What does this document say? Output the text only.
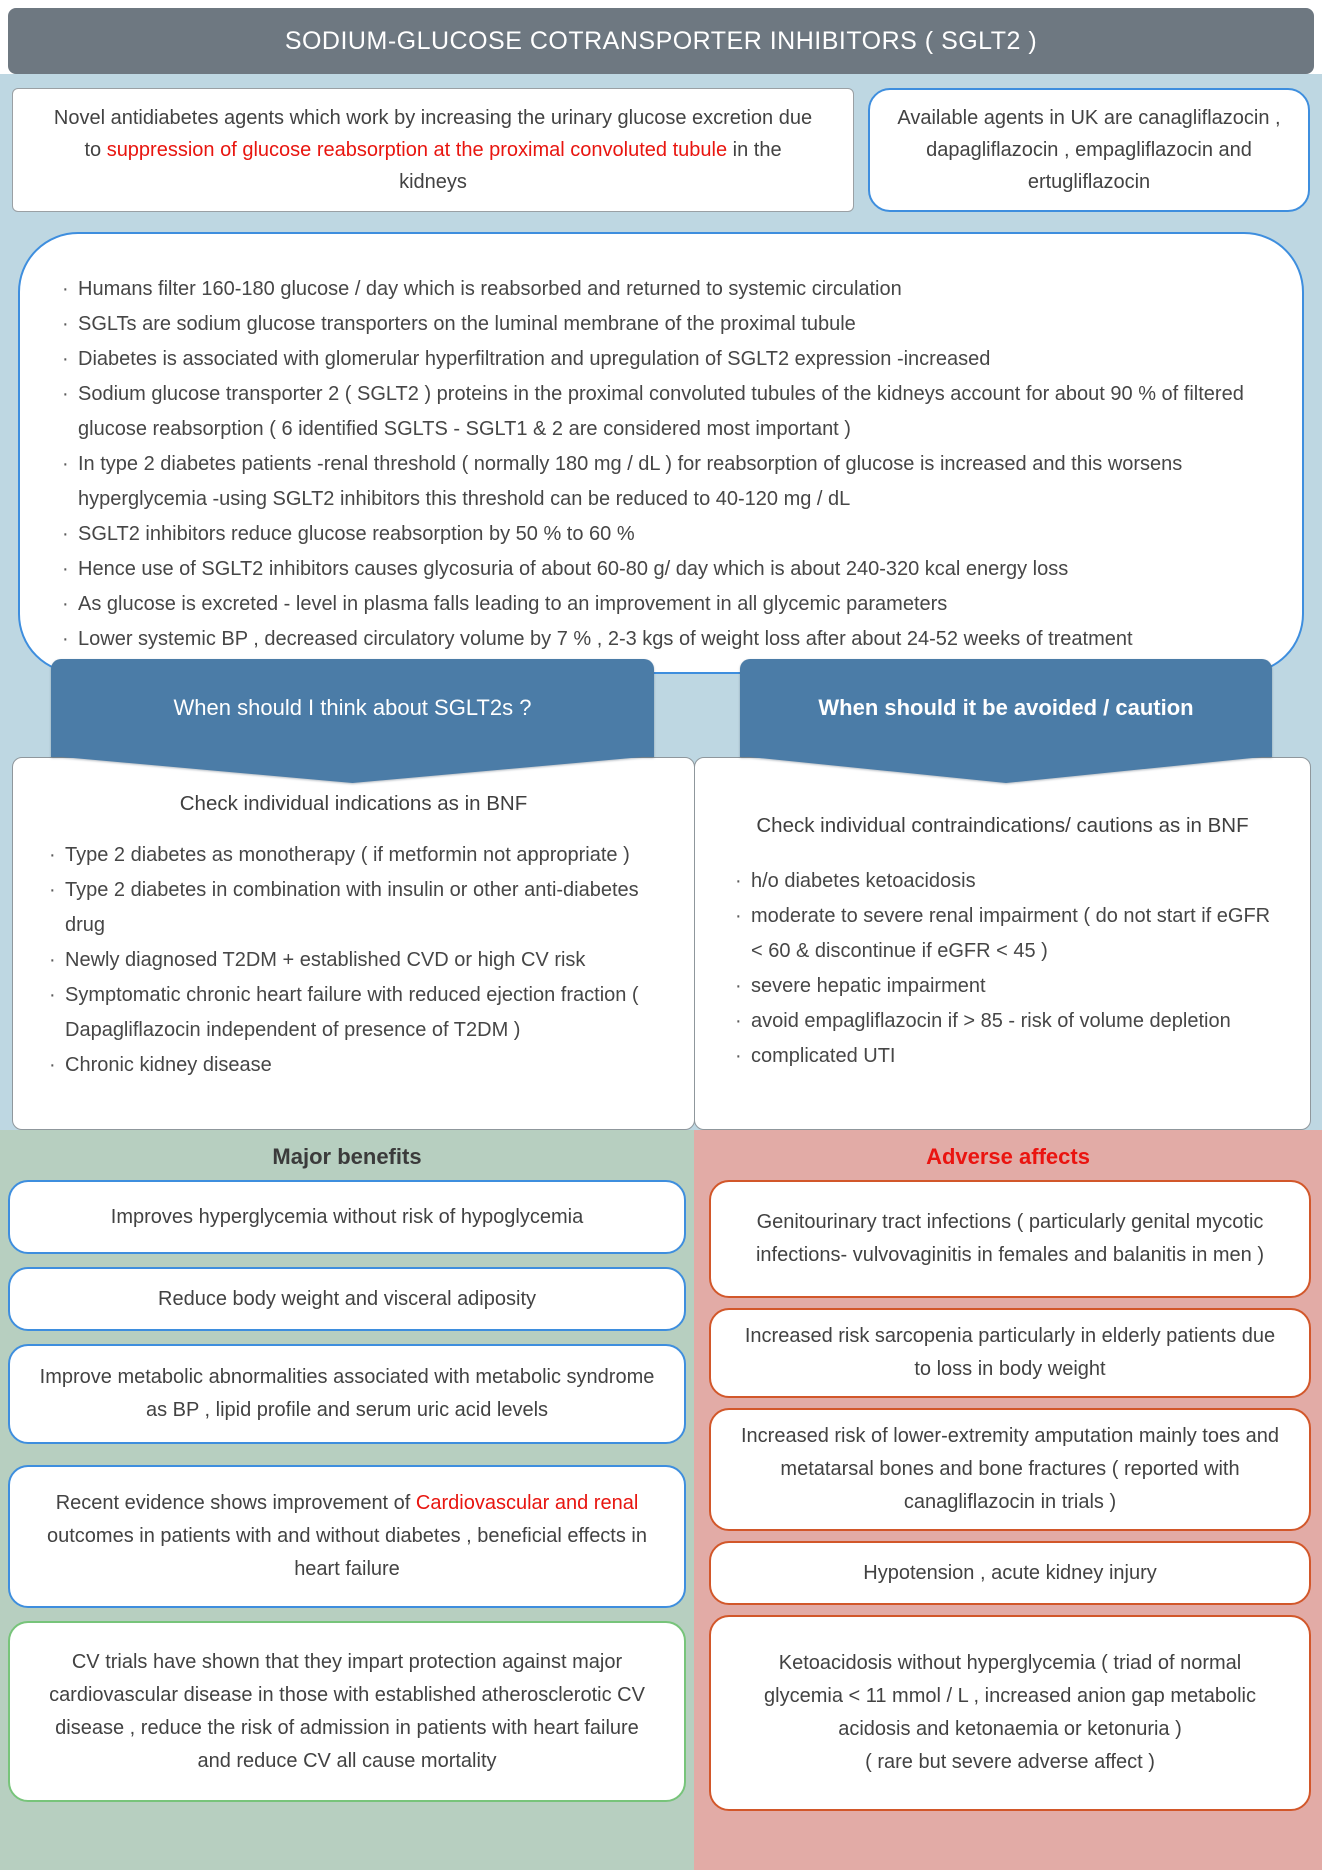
SODIUM-GLUCOSE COTRANSPORTER INHIBITORS ( SGLT2 )

Novel antidiabetes agents which work by increasing the urinary glucose excretion due to suppression of glucose reabsorption at the proximal convoluted tubule in the kidneys

Available agents in UK are canagliflazocin , dapagliflazocin , empagliflazocin and ertugliflazocin

· Humans filter 160-180 glucose / day which is reabsorbed and returned to systemic circulation
· SGLTs are sodium glucose transporters on the luminal membrane of the proximal tubule
· Diabetes is associated with glomerular hyperfiltration and upregulation of SGLT2 expression -increased
· Sodium glucose transporter 2 ( SGLT2 ) proteins in the proximal convoluted tubules of the kidneys account for about 90 % of filtered glucose reabsorption ( 6 identified SGLTS - SGLT1 & 2 are considered most important )
· In type 2 diabetes patients -renal threshold ( normally 180 mg / dL ) for reabsorption of glucose is increased and this worsens hyperglycemia -using SGLT2 inhibitors this threshold can be reduced to 40-120 mg / dL
· SGLT2 inhibitors reduce glucose reabsorption by 50 % to 60 %
· Hence use of SGLT2 inhibitors causes glycosuria of about 60-80 g/ day which is about 240-320 kcal energy loss
· As glucose is excreted - level in plasma falls leading to an improvement in all glycemic parameters
· Lower systemic BP , decreased circulatory volume by 7 % , 2-3 kgs of weight loss after about 24-52 weeks of treatment
When should I think about SGLT2s ?	When should it be avoided / caution
Check individual indications as in BNF
· Type 2 diabetes as monotherapy ( if metformin not appropriate )
· Type 2 diabetes in combination with insulin or other anti-diabetes drug
· Newly diagnosed T2DM + established CVD or high CV risk
· Symptomatic chronic heart failure with reduced ejection fraction ( Dapagliflazocin independent of presence of T2DM )
· Chronic kidney disease
Check individual contraindications/ cautions as in BNF
· h/o diabetes ketoacidosis
· moderate to severe renal impairment ( do not start if eGFR < 60 & discontinue if eGFR < 45 )
· severe hepatic impairment
· avoid empagliflazocin if > 85 - risk of volume depletion
· complicated UTI
Major benefits	Adverse affects
Improves hyperglycemia without risk of hypoglycemia
Reduce body weight and visceral adiposity
Improve metabolic abnormalities associated with metabolic syndrome as BP , lipid profile and serum uric acid levels
Recent evidence shows improvement of Cardiovascular and renal outcomes in patients with and without diabetes , beneficial effects in heart failure
CV trials have shown that they impart protection against major cardiovascular disease in those with established atherosclerotic CV disease , reduce the risk of admission in patients with heart failure and reduce CV all cause mortality
Genitourinary tract infections ( particularly genital mycotic infections- vulvovaginitis in females and balanitis in men )
Increased risk sarcopenia particularly in elderly patients due to loss in body weight
Increased risk of lower-extremity amputation mainly toes and metatarsal bones and bone fractures ( reported with canagliflazocin in trials )
Hypotension , acute kidney injury
Ketoacidosis without hyperglycemia ( triad of normal glycemia < 11 mmol / L , increased anion gap metabolic acidosis and ketonaemia or ketonuria )
( rare but severe adverse affect )
